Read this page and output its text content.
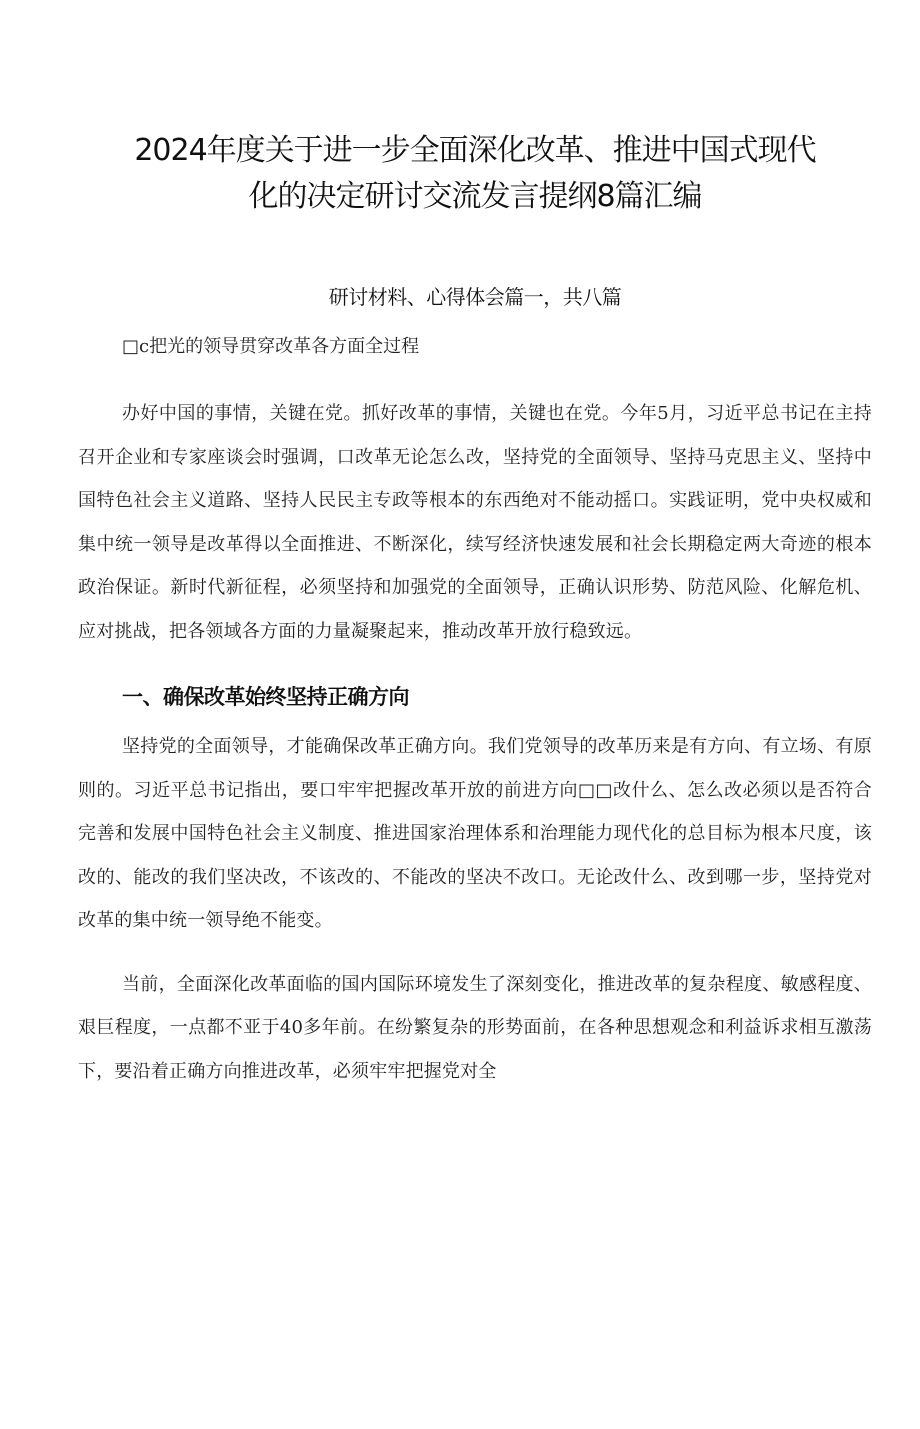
2024年度关于进一步全面深化改革、推进中国式现代
化的决定研讨交流发言提纲8篇汇编
研讨材料、心得体会篇一，共八篇
□c把光的领导贯穿改革各方面全过程

办好中国的事情，关键在党。抓好改革的事情，关键也在党。今年5月，习近平总书记在主持召开企业和专家座谈会时强调，口改革无论怎么改，坚持党的全面领导、坚持马克思主义、坚持中国特色社会主义道路、坚持人民民主专政等根本的东西绝对不能动摇口。实践证明，党中央权威和集中统一领导是改革得以全面推进、不断深化，续写经济快速发展和社会长期稳定两大奇迹的根本政治保证。新时代新征程，必须坚持和加强党的全面领导，正确认识形势、防范风险、化解危机、应对挑战，把各领域各方面的力量凝聚起来，推动改革开放行稳致远。

一、确保改革始终坚持正确方向

坚持党的全面领导，才能确保改革正确方向。我们党领导的改革历来是有方向、有立场、有原则的。习近平总书记指出，要口牢牢把握改革开放的前进方向□□改什么、怎么改必须以是否符合完善和发展中国特色社会主义制度、推进国家治理体系和治理能力现代化的总目标为根本尺度，该改的、能改的我们坚决改，不该改的、不能改的坚决不改口。无论改什么、改到哪一步，坚持党对改革的集中统一领导绝不能变。

当前，全面深化改革面临的国内国际环境发生了深刻变化，推进改革的复杂程度、敏感程度、艰巨程度，一点都不亚于40多年前。在纷繁复杂的形势面前，在各种思想观念和利益诉求相互激荡下，要沿着正确方向推进改革，必须牢牢把握党对全
